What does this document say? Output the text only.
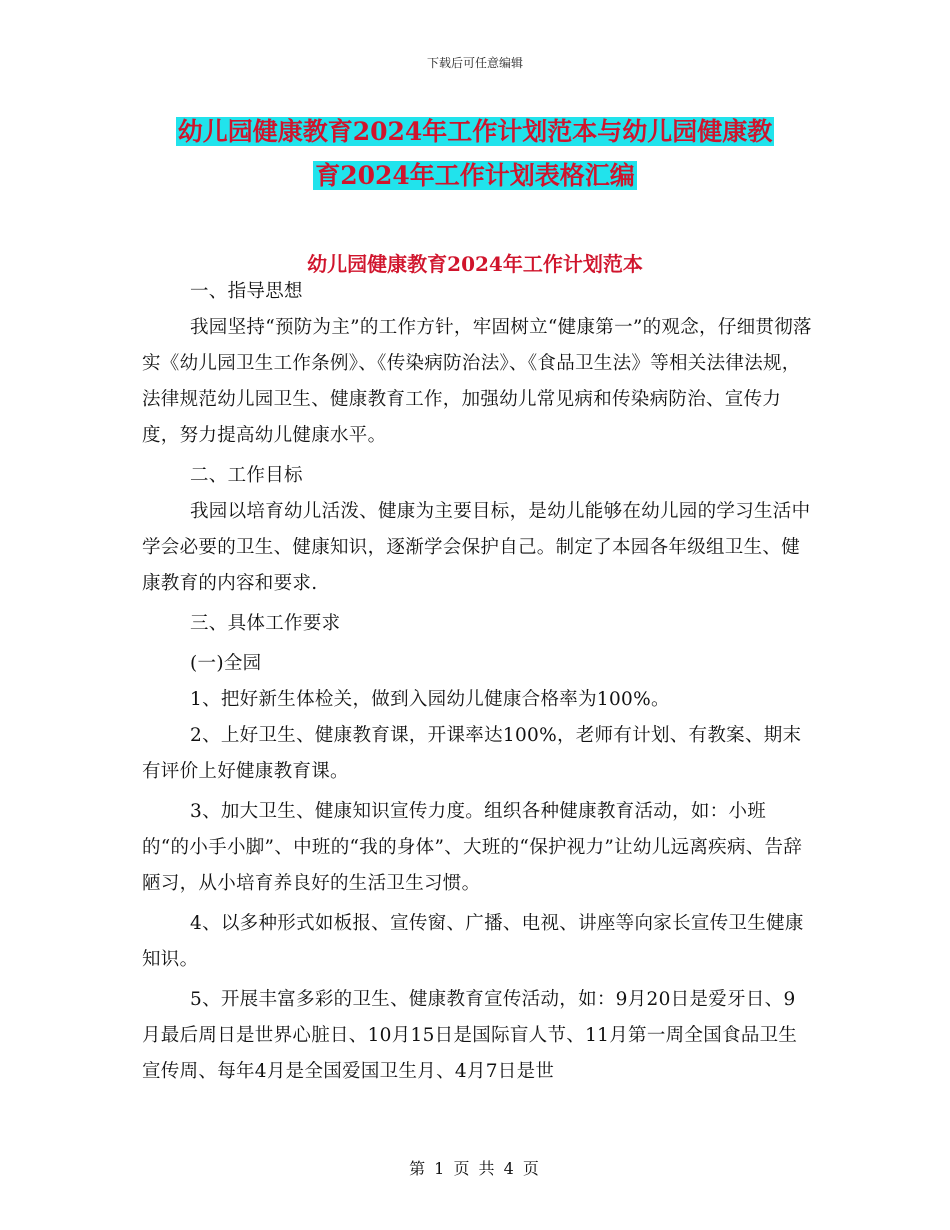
下载后可任意编辑
幼儿园健康教育2024年工作计划范本与幼儿园健康教
育2024年工作计划表格汇编
幼儿园健康教育2024年工作计划范本

一、指导思想

我园坚持“预防为主”的工作方针，牢固树立“健康第一”的观念，仔细贯彻落实《幼儿园卫生工作条例》、《传染病防治法》、《食品卫生法》等相关法律法规，法律规范幼儿园卫生、健康教育工作，加强幼儿常见病和传染病防治、宣传力度，努力提高幼儿健康水平。

二、工作目标

我园以培育幼儿活泼、健康为主要目标，是幼儿能够在幼儿园的学习生活中学会必要的卫生、健康知识，逐渐学会保护自己。制定了本园各年级组卫生、健康教育的内容和要求.

三、具体工作要求

(一)全园

1、把好新生体检关，做到入园幼儿健康合格率为100%。

2、上好卫生、健康教育课，开课率达100%，老师有计划、有教案、期末有评价上好健康教育课。

3、加大卫生、健康知识宣传力度。组织各种健康教育活动，如：小班的“的小手小脚”、中班的“我的身体”、大班的“保护视力”让幼儿远离疾病、告辞陋习，从小培育养良好的生活卫生习惯。

4、以多种形式如板报、宣传窗、广播、电视、讲座等向家长宣传卫生健康知识。

5、开展丰富多彩的卫生、健康教育宣传活动，如：9月20日是爱牙日、9月最后周日是世界心脏日、10月15日是国际盲人节、11月第一周全国食品卫生宣传周、每年4月是全国爱国卫生月、4月7日是世

第 1 页 共 4 页
